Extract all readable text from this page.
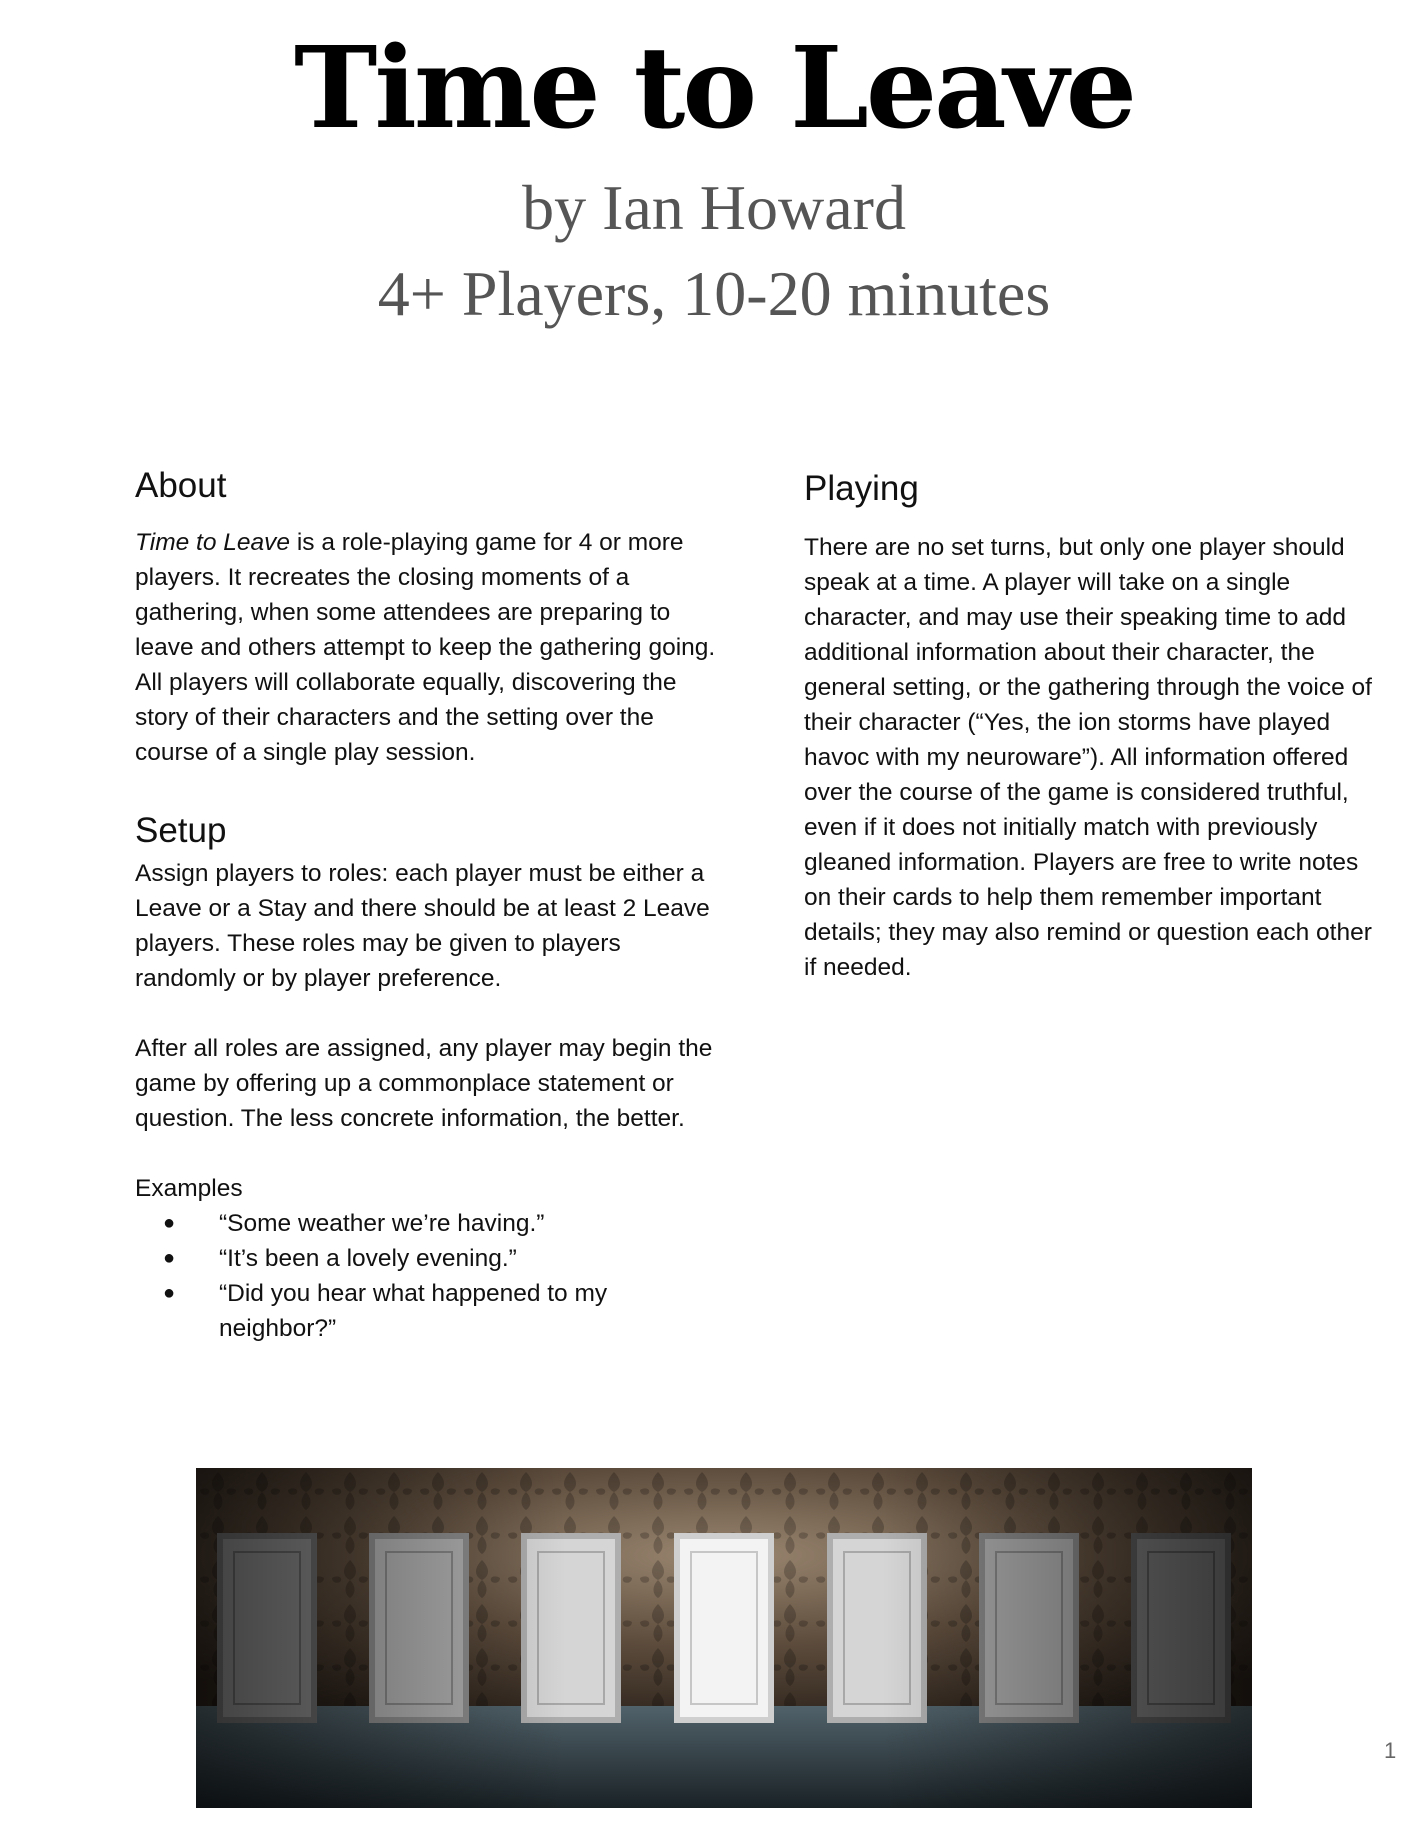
Time to Leave
by Ian Howard
4+ Players, 10-20 minutes
About

Time to Leave is a role-playing game for 4 or more players. It recreates the closing moments of a gathering, when some attendees are preparing to leave and others attempt to keep the gathering going. All players will collaborate equally, discovering the story of their characters and the setting over the course of a single play session.

Setup

Assign players to roles: each player must be either a Leave or a Stay and there should be at least 2 Leave players. These roles may be given to players randomly or by player preference.

After all roles are assigned, any player may begin the game by offering up a commonplace statement or question. The less concrete information, the better.

Examples

● “Some weather we’re having.”
● “It’s been a lovely evening.”
● “Did you hear what happened to my neighbor?”
Playing

There are no set turns, but only one player should speak at a time. A player will take on a single character, and may use their speaking time to add additional information about their character, the general setting, or the gathering through the voice of their character (“Yes, the ion storms have played havoc with my neuroware”). All information offered over the course of the game is considered truthful, even if it does not initially match with previously gleaned information. Players are free to write notes on their cards to help them remember important details; they may also remind or question each other if needed.

1
